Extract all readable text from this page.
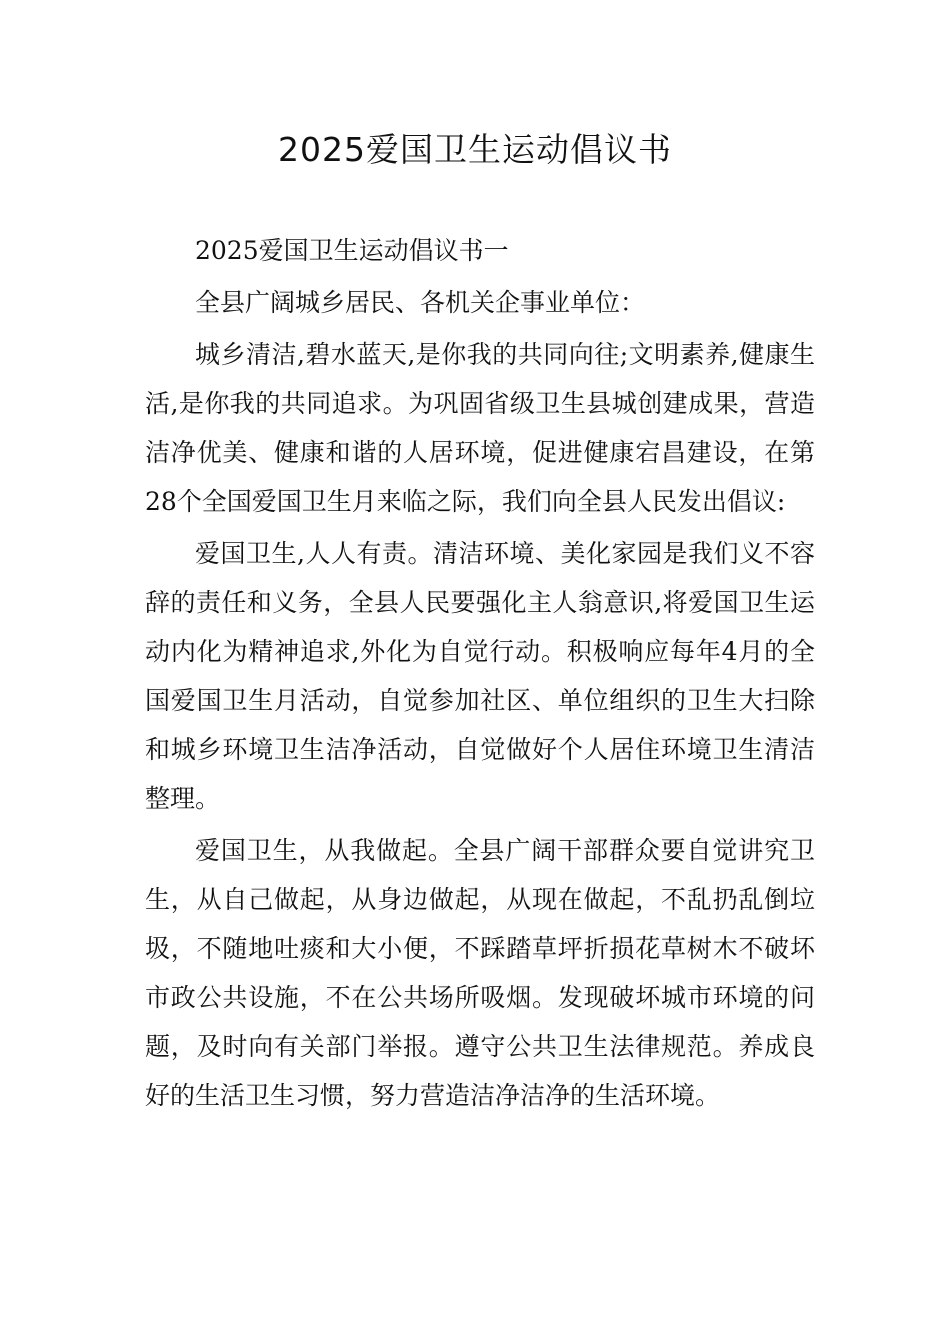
2025爱国卫生运动倡议书

2025爱国卫生运动倡议书一

全县广阔城乡居民、各机关企事业单位：

城乡清洁,碧水蓝天,是你我的共同向往;文明素养,健康生活,是你我的共同追求。为巩固省级卫生县城创建成果，营造洁净优美、健康和谐的人居环境，促进健康宕昌建设，在第28个全国爱国卫生月来临之际，我们向全县人民发出倡议:

爱国卫生,人人有责。清洁环境、美化家园是我们义不容辞的责任和义务，全县人民要强化主人翁意识,将爱国卫生运动内化为精神追求,外化为自觉行动。积极响应每年4月的全国爱国卫生月活动，自觉参加社区、单位组织的卫生大扫除和城乡环境卫生洁净活动，自觉做好个人居住环境卫生清洁整理。

爱国卫生，从我做起。全县广阔干部群众要自觉讲究卫生，从自己做起，从身边做起，从现在做起，不乱扔乱倒垃圾，不随地吐痰和大小便，不踩踏草坪折损花草树木不破坏市政公共设施，不在公共场所吸烟。发现破坏城市环境的问题，及时向有关部门举报。遵守公共卫生法律规范。养成良好的生活卫生习惯，努力营造洁净洁净的生活环境。
